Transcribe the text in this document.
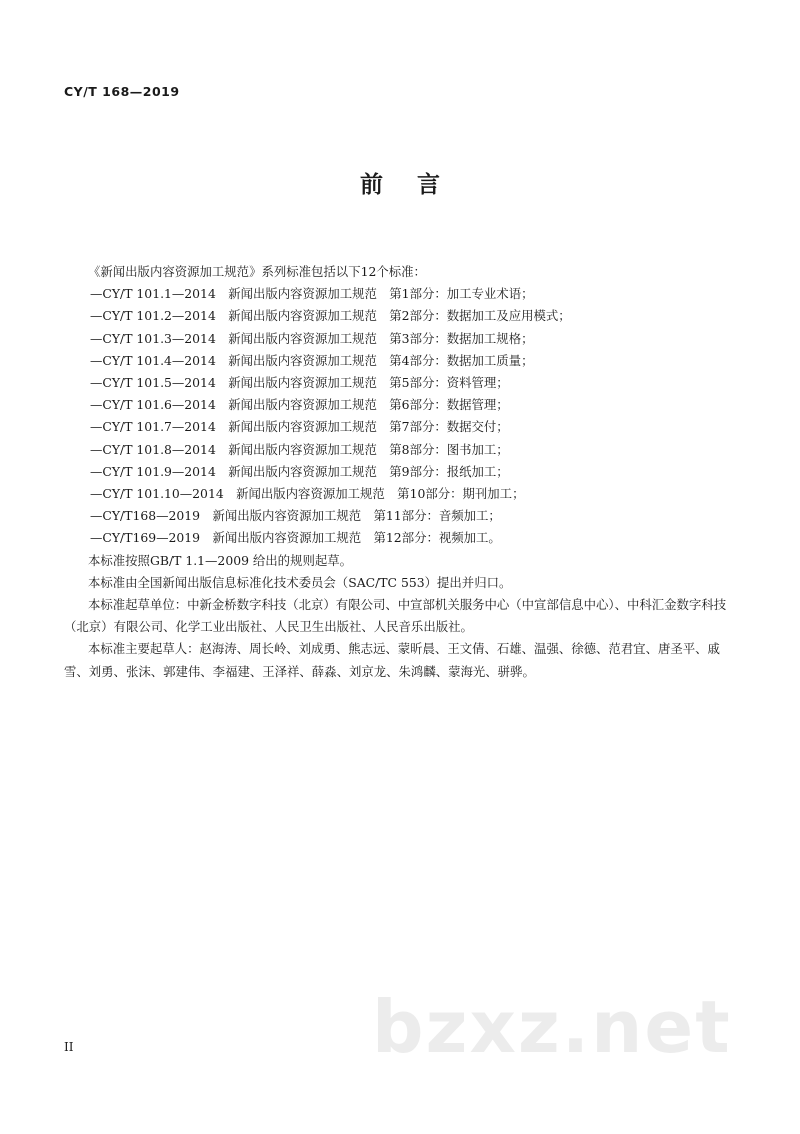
CY/T 168—2019
前言
《新闻出版内容资源加工规范》系列标准包括以下12个标准：
—CY/T 101.1—2014　新闻出版内容资源加工规范　第1部分：加工专业术语；
—CY/T 101.2—2014　新闻出版内容资源加工规范　第2部分：数据加工及应用模式；
—CY/T 101.3—2014　新闻出版内容资源加工规范　第3部分：数据加工规格；
—CY/T 101.4—2014　新闻出版内容资源加工规范　第4部分：数据加工质量；
—CY/T 101.5—2014　新闻出版内容资源加工规范　第5部分：资料管理；
—CY/T 101.6—2014　新闻出版内容资源加工规范　第6部分：数据管理；
—CY/T 101.7—2014　新闻出版内容资源加工规范　第7部分：数据交付；
—CY/T 101.8—2014　新闻出版内容资源加工规范　第8部分：图书加工；
—CY/T 101.9—2014　新闻出版内容资源加工规范　第9部分：报纸加工；
—CY/T 101.10—2014　新闻出版内容资源加工规范　第10部分：期刊加工；
—CY/T168—2019　新闻出版内容资源加工规范　第11部分：音频加工；
—CY/T169—2019　新闻出版内容资源加工规范　第12部分：视频加工。
本标准按照GB/T 1.1—2009 给出的规则起草。
本标准由全国新闻出版信息标准化技术委员会（SAC/TC 553）提出并归口。
本标准起草单位：中新金桥数字科技（北京）有限公司、中宣部机关服务中心（中宣部信息中心）、中科汇金数字科技（北京）有限公司、化学工业出版社、人民卫生出版社、人民音乐出版社。
本标准主要起草人：赵海涛、周长岭、刘成勇、熊志远、蒙昕晨、王文倩、石雄、温强、徐德、范君宜、唐圣平、戚雪、刘勇、张沫、郭建伟、李福建、王泽祥、薛淼、刘京龙、朱鸿麟、蒙海光、骈骅。
bzxz.net
II
